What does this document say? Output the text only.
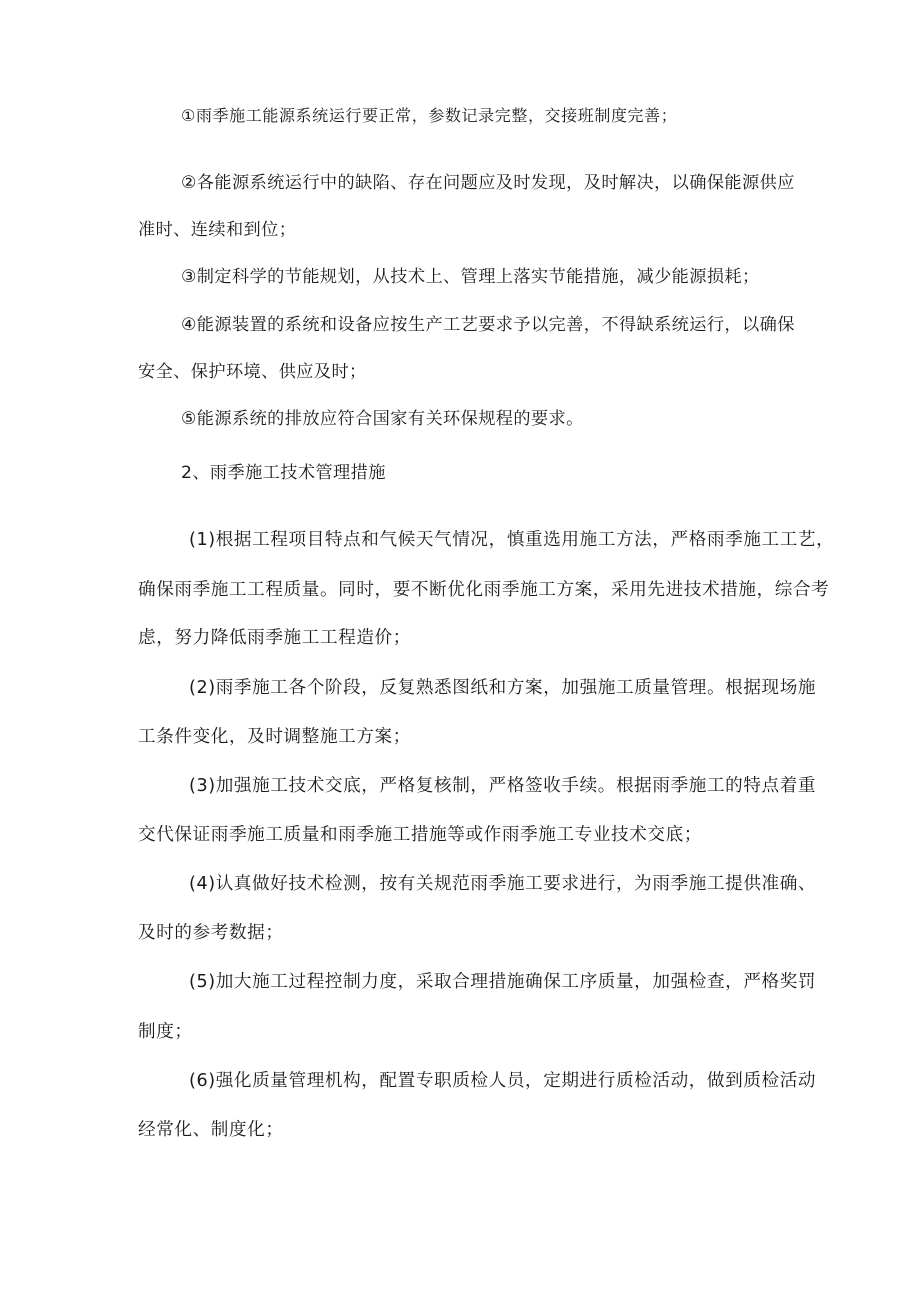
①雨季施工能源系统运行要正常，参数记录完整，交接班制度完善；
②各能源系统运行中的缺陷、存在问题应及时发现，及时解决，以确保能源供应
准时、连续和到位；
③制定科学的节能规划，从技术上、管理上落实节能措施，减少能源损耗；
④能源装置的系统和设备应按生产工艺要求予以完善，不得缺系统运行，以确保
安全、保护环境、供应及时；
⑤能源系统的排放应符合国家有关环保规程的要求。
2、雨季施工技术管理措施
(1)根据工程项目特点和气候天气情况，慎重选用施工方法，严格雨季施工工艺，
确保雨季施工工程质量。同时，要不断优化雨季施工方案，采用先进技术措施，综合考
虑，努力降低雨季施工工程造价；
(2)雨季施工各个阶段，反复熟悉图纸和方案，加强施工质量管理。根据现场施
工条件变化，及时调整施工方案；
(3)加强施工技术交底，严格复核制，严格签收手续。根据雨季施工的特点着重
交代保证雨季施工质量和雨季施工措施等或作雨季施工专业技术交底；
(4)认真做好技术检测，按有关规范雨季施工要求进行，为雨季施工提供准确、
及时的参考数据；
(5)加大施工过程控制力度，采取合理措施确保工序质量，加强检查，严格奖罚
制度；
(6)强化质量管理机构，配置专职质检人员，定期进行质检活动，做到质检活动
经常化、制度化；
